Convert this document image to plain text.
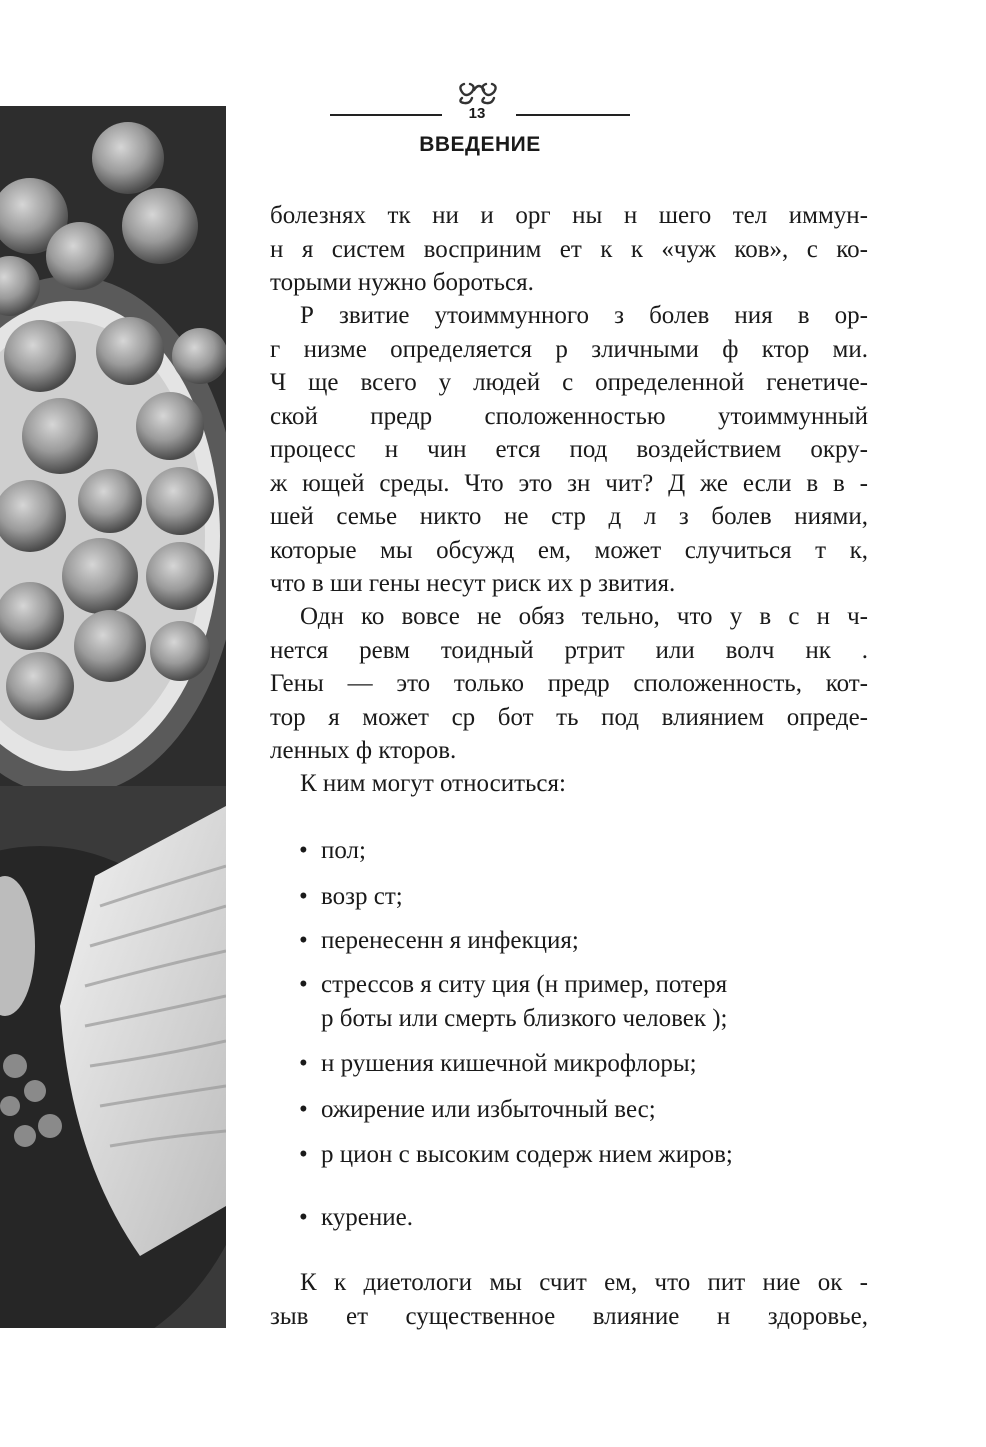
13
ВВЕДЕНИЕ
болезнях тк ни и орг ны н шего тел иммун-
н я систем восприним ет к к «чуж ков», с ко-
торыми нужно бороться.
Р звитие утоиммунного з болев ния в ор-
г низме определяется р зличными ф ктор ми.
Ч ще всего у людей с определенной генетиче-
ской предр сположенностью утоиммунный
процесс н чин ется под воздействием окру-
ж ющей среды. Что это зн чит? Д же если в в -
шей семье никто не стр д л з болев ниями,
которые мы обсужд ем, может случиться т к,
что в ши гены несут риск их р звития.
Одн ко вовсе не обяз тельно, что у в с н ч-
нется ревм тоидный ртрит или волч нк .
Гены — это только предр сположенность, кот-
тор я может ср бот ть под влиянием опреде-
ленных ф кторов.
К ним могут относиться:
• пол;
• возр ст;
• перенесенн я инфекция;
• стрессов я ситу ция (н пример, потеря
р боты или смерть близкого человек );
• н рушения кишечной микрофлоры;
• ожирение или избыточный вес;
• р цион с высоким содерж нием жиров;
• курение.
К к диетологи мы счит ем, что пит ние ок -
зыв ет существенное влияние н здоровье,
